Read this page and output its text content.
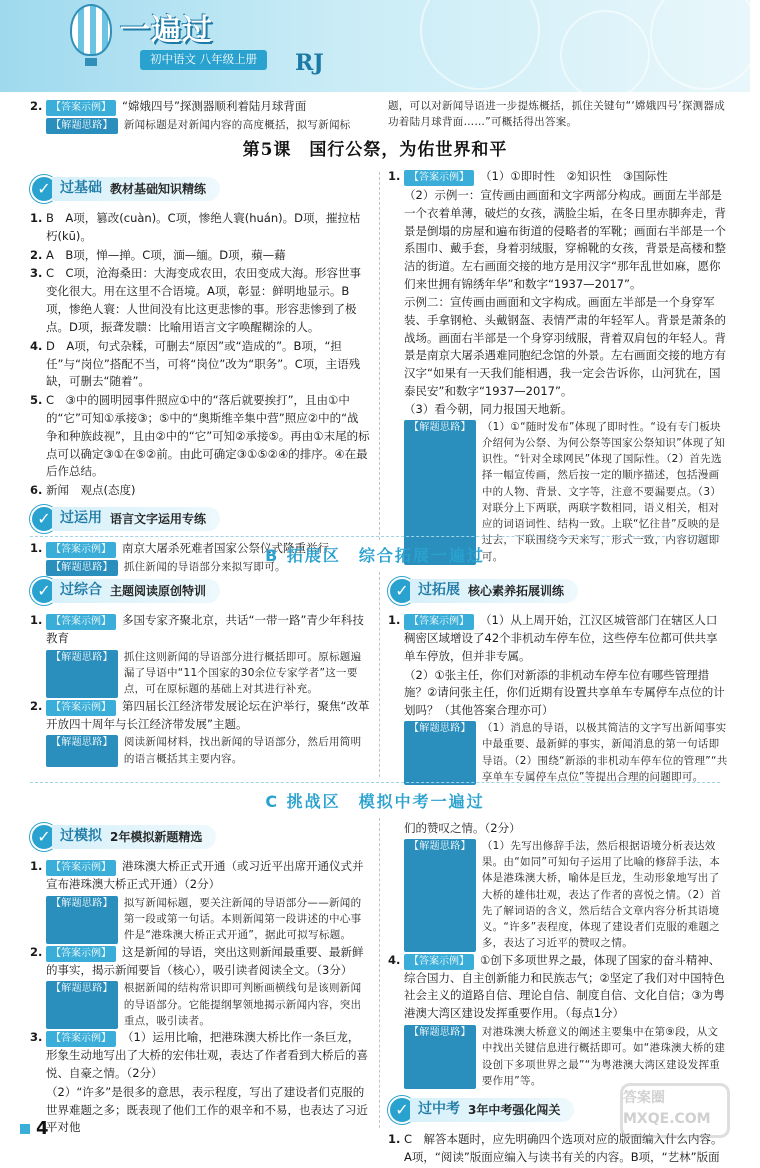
一遍过
初中语文 八年级上册	RJ
2. 【答案示例】 “嫦娥四号”探测器顺利着陆月球背面
【解题思路】	新闻标题是对新闻内容的高度概括，拟写新闻标
题，可以对新闻导语进一步提炼概括，抓住关键句“‘嫦娥四号’探测器成功着陆月球背面……”可概括得出答案。
第5课　国行公祭，为佑世界和平
✓ 过基础 教材基础知识精练
1. B　A项，篡改(cuàn)。C项，惨绝人寰(huán)。D项，摧拉枯朽(kū)。
2. A　B项，惮—掸。C项，湎—缅。D项，蘋—藉
3. C　C项，沧海桑田：大海变成农田，农田变成大海。形容世事变化很大。用在这里不合语境。A项，彰显：鲜明地显示。B项，惨绝人寰：人世间没有比这更悲惨的事。形容悲惨到了极点。D项，振聋发聩：比喻用语言文字唤醒糊涂的人。
4. D　A项，句式杂糅，可删去“原因”或“造成的”。B项，“担任”与“岗位”搭配不当，可将“岗位”改为“职务”。C项，主语残缺，可删去“随着”。
5. C　③中的圆明园事件照应①中的“落后就要挨打”，且由①中的“它”可知①承接③；⑤中的“奥斯维辛集中营”照应②中的“战争和种族歧视”，且由②中的“它”可知②承接⑤。再由①末尾的标点可以确定③①在⑤②前。由此可确定③①⑤②④的排序。④在最后作总结。
6. 新闻　观点(态度)
✓ 过运用 语言文字运用专练
1. 【答案示例】 南京大屠杀死难者国家公祭仪式隆重举行
【解题思路】	抓住新闻的导语部分来拟写即可。
1. 【答案示例】 （1）①即时性　②知识性　③国际性
（2）示例一：宣传画由画面和文字两部分构成。画面左半部是一个衣着单薄，破烂的女孩，满脸尘垢，在冬日里赤脚奔走，背景是倒塌的房屋和遍布街道的侵略者的军靴；画面右半部是一个系围巾、戴手套，身着羽绒服，穿棉靴的女孩，背景是高楼和整洁的街道。左右画面交接的地方是用汉字“那年乱世如麻，愿你们来世拥有锦绣年华”和数字“1937—2017”。
示例二：宣传画由画面和文字构成。画面左半部是一个身穿军装、手拿钢枪、头戴钢盔、表情严肃的年轻军人。背景是萧条的战场。画面右半部是一个身穿羽绒服，背着双肩包的年轻人。背景是南京大屠杀遇难同胞纪念馆的外景。左右画面交接的地方有汉字“如果有一天我们能相遇，我一定会告诉你，山河犹在，国泰民安”和数字“1937—2017”。
（3）看今朝，同力报国天地新。
【解题思路】	（1）①“随时发布”体现了即时性。“设有专门板块介绍何为公祭、为何公祭等国家公祭知识”体现了知识性。“针对全球网民”体现了国际性。（2）首先选择一幅宣传画，然后按一定的顺序描述，包括漫画中的人物、背景、文字等，注意不要漏要点。（3）对联分上下两联，两联字数相同，语义相关，相对应的词语词性、结构一致。上联“忆往昔”反映的是过去，下联围绕今天来写，形式一致，内容切题即可。
B 拓展区　综合拓展一遍过
✓ 过综合 主题阅读原创特训
1. 【答案示例】 多国专家齐聚北京，共话“一带一路”青少年科技教育
【解题思路】	抓住这则新闻的导语部分进行概括即可。原标题遍漏了导语中“11个国家的30余位专家学者”这一要点，可在原标题的基础上对其进行补充。
2. 【答案示例】 第四届长江经济带发展论坛在沪举行，聚焦“改革开放四十周年与长江经济带发展”主题。
【解题思路】	阅读新闻材料，找出新闻的导语部分，然后用简明的语言概括其主要内容。
✓ 过拓展 核心素养拓展训练
1. 【答案示例】 （1）从上周开始，江汉区城管部门在辖区人口稠密区域增设了42个非机动车停车位，这些停车位都可供共享单车停放，但并非专属。
（2）①张主任，你们对新添的非机动车停车位有哪些管理措施？②请问张主任，你们近期有设置共享单车专属停车点位的计划吗？（其他答案合理亦可）
【解题思路】	（1）消息的导语，以极其简洁的文字写出新闻事实中最重要、最新鲜的事实，新闻消息的第一句话即导语。（2）围绕“新添的非机动车停车位的管理”“共享单车专属停车点位”等提出合理的问题即可。
C 挑战区　模拟中考一遍过
✓ 过模拟 2年模拟新题精选
1. 【答案示例】 港珠澳大桥正式开通（或习近平出席开通仪式并宣布港珠澳大桥正式开通）（2分）
【解题思路】	拟写新闻标题，要关注新闻的导语部分——新闻的第一段或第一句话。本则新闻第一段讲述的中心事件是“港珠澳大桥正式开通”，据此可拟写标题。
2. 【答案示例】 这是新闻的导语，突出这则新闻最重要、最新鲜的事实，揭示新闻要旨（核心），吸引读者阅读全文。（3分）
【解题思路】	根据新闻的结构常识即可判断画横线句是该则新闻的导语部分。它能提纲挈领地揭示新闻内容，突出重点，吸引读者。
3. 【答案示例】 （1）运用比喻，把港珠澳大桥比作一条巨龙，形象生动地写出了大桥的宏伟壮观，表达了作者看到大桥后的喜悦、自豪之情。（2分）
（2）“许多”是很多的意思，表示程度，写出了建设者们克服的世界难题之多；既表现了他们工作的艰辛和不易，也表达了习近平对他
们的赞叹之情。（2分）
【解题思路】	（1）先写出修辞手法，然后根据语境分析表达效果。由“如同”可知句子运用了比喻的修辞手法，本体是港珠澳大桥，喻体是巨龙，生动形象地写出了大桥的雄伟壮观，表达了作者的喜悦之情。（2）首先了解词语的含义，然后结合文章内容分析其语境义。“许多”表程度，体现了建设者们克服的难题之多，表达了习近平的赞叹之情。
4. 【答案示例】 ①创下多项世界之最，体现了国家的奋斗精神、综合国力、自主创新能力和民族志气；②坚定了我们对中国特色社会主义的道路自信、理论自信、制度自信、文化自信；③为粤港澳大湾区建设发挥重要作用。（每点1分）
【解题思路】	对港珠澳大桥意义的阐述主要集中在第⑨段，从文中找出关键信息进行概括即可。如“港珠澳大桥的建设创下多项世界之最”“为粤港澳大湾区建设发挥重要作用”等。
✓ 过中考 3年中考强化闯关
1. C　解答本题时，应先明确四个选项对应的版面编入什么内容。A项，“阅读”版面应编入与读书有关的内容。B项，“艺林”版面
4
答案圈 MXQE.COM
